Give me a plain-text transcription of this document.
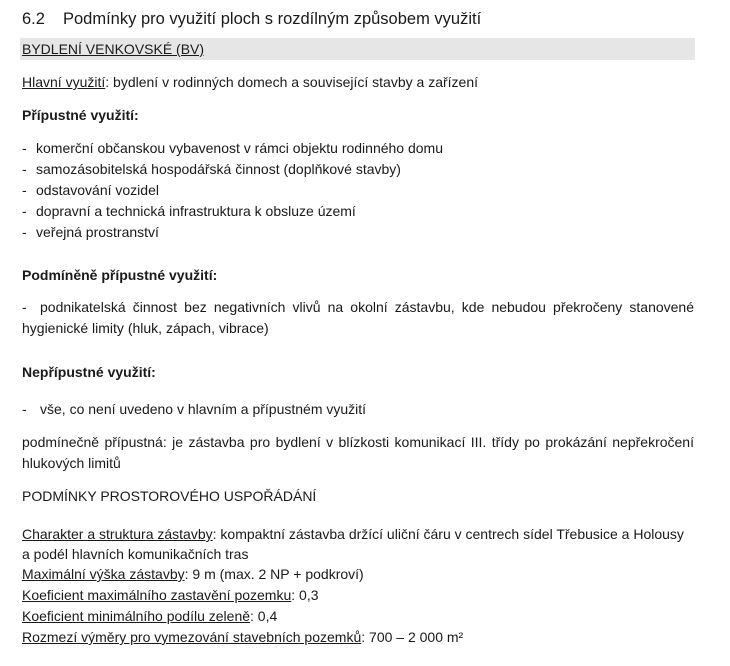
6.2 Podmínky pro využití ploch s rozdílným způsobem využití
BYDLENÍ VENKOVSKÉ (BV)
Hlavní využití: bydlení v rodinných domech a související stavby a zařízení
Přípustné využití:
- komerční občanskou vybavenost v rámci objektu rodinného domu
- samozásobitelská hospodářská činnost (doplňkové stavby)
- odstavování vozidel
- dopravní a technická infrastruktura k obsluze území
- veřejná prostranství
Podmíněně přípustné využití:
- podnikatelská činnost bez negativních vlivů na okolní zástavbu, kde nebudou překročeny stanovené hygienické limity (hluk, zápach, vibrace)
Nepřípustné využití:
- vše, co není uvedeno v hlavním a přípustném využití
podmínečně přípustná: je zástavba pro bydlení v blízkosti komunikací III. třídy po prokázání nepřekročení hlukových limitů
PODMÍNKY PROSTOROVÉHO USPOŘÁDÁNÍ
Charakter a struktura zástavby: kompaktní zástavba držící uliční čáru v centrech sídel Třebusice a Holousy a podél hlavních komunikačních tras
Maximální výška zástavby: 9 m (max. 2 NP + podkroví)
Koeficient maximálního zastavění pozemku: 0,3
Koeficient minimálního podílu zeleně: 0,4
Rozmezí výměry pro vymezování stavebních pozemků: 700 – 2 000 m²
